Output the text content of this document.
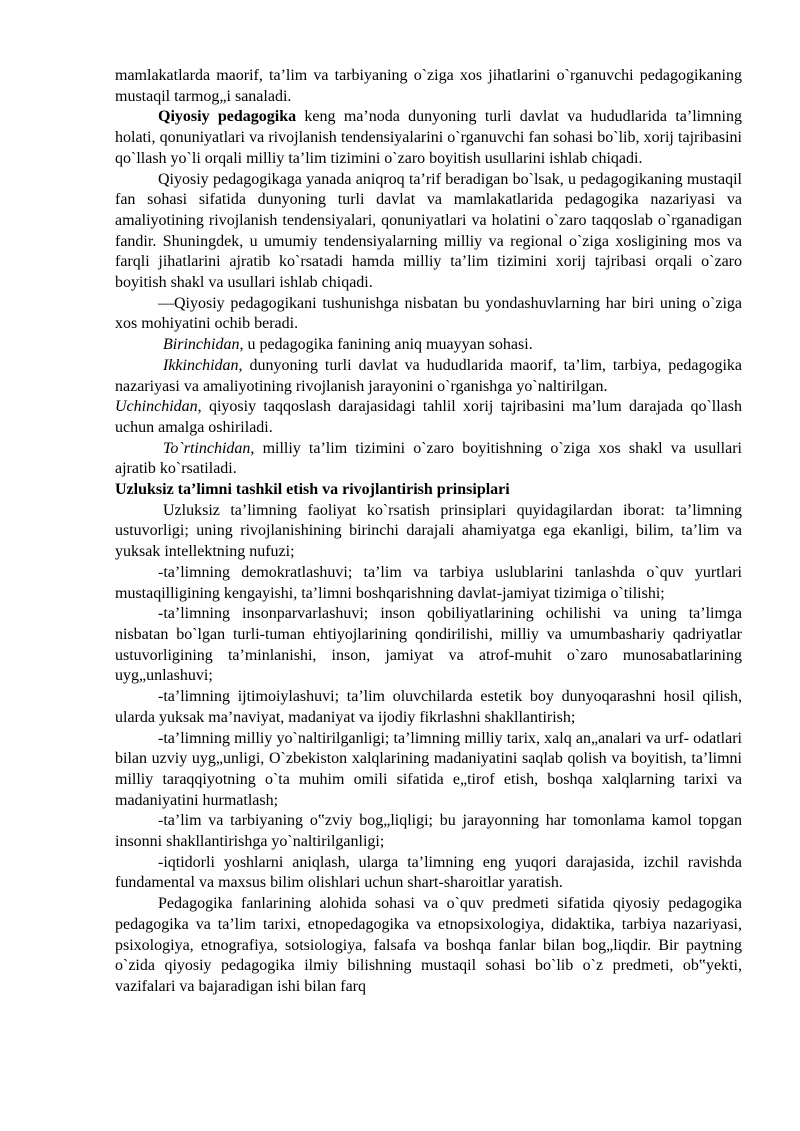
mamlakatlarda maorif, ta’lim va tarbiyaning o`ziga xos jihatlarini o`rganuvchi pedagogikaning mustaqil tarmog„i sanaladi.

Qiyosiy pedagogika keng ma’noda dunyoning turli davlat va hududlarida ta’limning holati, qonuniyatlari va rivojlanish tendensiyalarini o`rganuvchi fan sohasi bo`lib, xorij tajribasini qo`llash yo`li orqali milliy ta’lim tizimini o`zaro boyitish usullarini ishlab chiqadi.

Qiyosiy pedagogikaga yanada aniqroq ta’rif beradigan bo`lsak, u pedagogikaning mustaqil fan sohasi sifatida dunyoning turli davlat va mamlakatlarida pedagogika nazariyasi va amaliyotining rivojlanish tendensiyalari, qonuniyatlari va holatini o`zaro taqqoslab o`rganadigan fandir. Shuningdek, u umumiy tendensiyalarning milliy va regional o`ziga xosligining mos va farqli jihatlarini ajratib ko`rsatadi hamda milliy ta’lim tizimini xorij tajribasi orqali o`zaro boyitish shakl va usullari ishlab chiqadi.

―Qiyosiy pedagogikani tushunishga nisbatan bu yondashuvlarning har biri uning o`ziga xos mohiyatini ochib beradi.

Birinchidan, u pedagogika fanining aniq muayyan sohasi.

Ikkinchidan, dunyoning turli davlat va hududlarida maorif, ta’lim, tarbiya, pedagogika nazariyasi va amaliyotining rivojlanish jarayonini o`rganishga yo`naltirilgan.

Uchinchidan, qiyosiy taqqoslash darajasidagi tahlil xorij tajribasini ma’lum darajada qo`llash uchun amalga oshiriladi.

To`rtinchidan, milliy ta’lim tizimini o`zaro boyitishning o`ziga xos shakl va usullari ajratib ko`rsatiladi.

Uzluksiz ta’limni tashkil etish va rivojlantirish prinsiplari

Uzluksiz ta’limning faoliyat ko`rsatish prinsiplari quyidagilardan iborat: ta’limning ustuvorligi; uning rivojlanishining birinchi darajali ahamiyatga ega ekanligi, bilim, ta’lim va yuksak intellektning nufuzi;

-ta’limning demokratlashuvi; ta’lim va tarbiya uslublarini tanlashda o`quv yurtlari mustaqilligining kengayishi, ta’limni boshqarishning davlat-jamiyat tizimiga o`tilishi;

-ta’limning insonparvarlashuvi; inson qobiliyatlarining ochilishi va uning ta’limga nisbatan bo`lgan turli-tuman ehtiyojlarining qondirilishi, milliy va umumbashariy qadriyatlar ustuvorligining ta’minlanishi, inson, jamiyat va atrof-muhit o`zaro munosabatlarining uyg„unlashuvi;

-ta’limning ijtimoiylashuvi; ta’lim oluvchilarda estetik boy dunyoqarashni hosil qilish, ularda yuksak ma’naviyat, madaniyat va ijodiy fikrlashni shakllantirish;

-ta’limning milliy yo`naltirilganligi; ta’limning milliy tarix, xalq an„analari va urf- odatlari bilan uzviy uyg„unligi, O`zbekiston xalqlarining madaniyatini saqlab qolish va boyitish, ta’limni milliy taraqqiyotning o`ta muhim omili sifatida e„tirof etish, boshqa xalqlarning tarixi va madaniyatini hurmatlash;

-ta’lim va tarbiyaning o‟zviy bog„liqligi; bu jarayonning har tomonlama kamol topgan insonni shakllantirishga yo`naltirilganligi;

-iqtidorli yoshlarni aniqlash, ularga ta’limning eng yuqori darajasida, izchil ravishda fundamental va maxsus bilim olishlari uchun shart-sharoitlar yaratish.

Pedagogika fanlarining alohida sohasi va o`quv predmeti sifatida qiyosiy pedagogika pedagogika va ta’lim tarixi, etnopedagogika va etnopsixologiya, didaktika, tarbiya nazariyasi, psixologiya, etnografiya, sotsiologiya, falsafa va boshqa fanlar bilan bog„liqdir. Bir paytning o`zida qiyosiy pedagogika ilmiy bilishning mustaqil sohasi bo`lib o`z predmeti, ob‟yekti, vazifalari va bajaradigan ishi bilan farq
